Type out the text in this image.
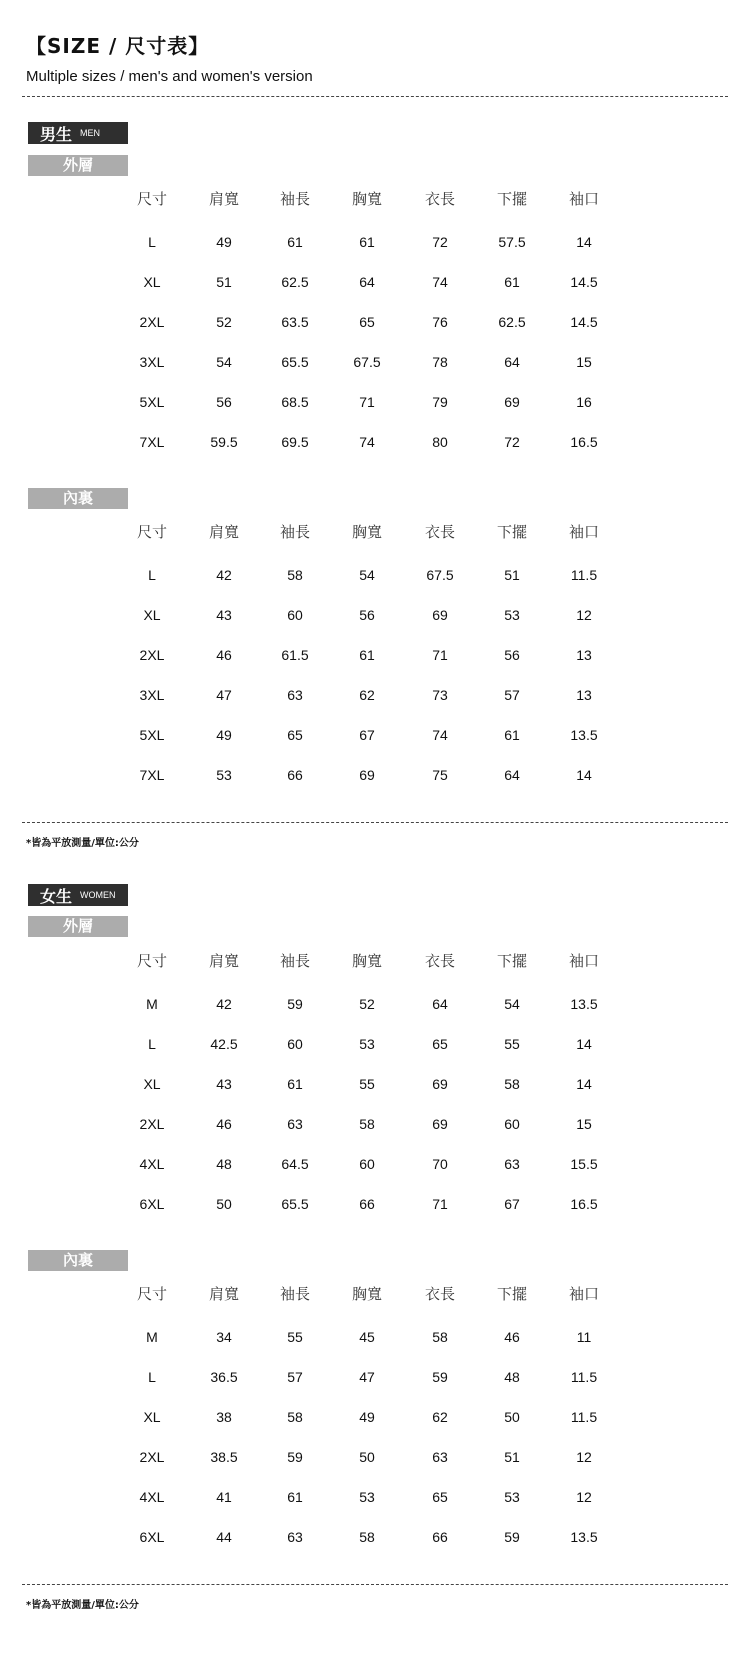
【SIZE / 尺寸表】
Multiple sizes / men's and women's version
男生 MEN
外層
尺寸	肩寬	袖長	胸寬	衣長	下擺	袖口
L	49	61	61	72	57.5	14
XL	51	62.5	64	74	61	14.5
2XL	52	63.5	65	76	62.5	14.5
3XL	54	65.5	67.5	78	64	15
5XL	56	68.5	71	79	69	16
7XL	59.5	69.5	74	80	72	16.5
內裏
尺寸	肩寬	袖長	胸寬	衣長	下擺	袖口
L	42	58	54	67.5	51	11.5
XL	43	60	56	69	53	12
2XL	46	61.5	61	71	56	13
3XL	47	63	62	73	57	13
5XL	49	65	67	74	61	13.5
7XL	53	66	69	75	64	14
*皆為平放測量/單位:公分
女生 WOMEN
外層
尺寸	肩寬	袖長	胸寬	衣長	下擺	袖口
M	42	59	52	64	54	13.5
L	42.5	60	53	65	55	14
XL	43	61	55	69	58	14
2XL	46	63	58	69	60	15
4XL	48	64.5	60	70	63	15.5
6XL	50	65.5	66	71	67	16.5
內裏
尺寸	肩寬	袖長	胸寬	衣長	下擺	袖口
M	34	55	45	58	46	11
L	36.5	57	47	59	48	11.5
XL	38	58	49	62	50	11.5
2XL	38.5	59	50	63	51	12
4XL	41	61	53	65	53	12
6XL	44	63	58	66	59	13.5
*皆為平放測量/單位:公分
